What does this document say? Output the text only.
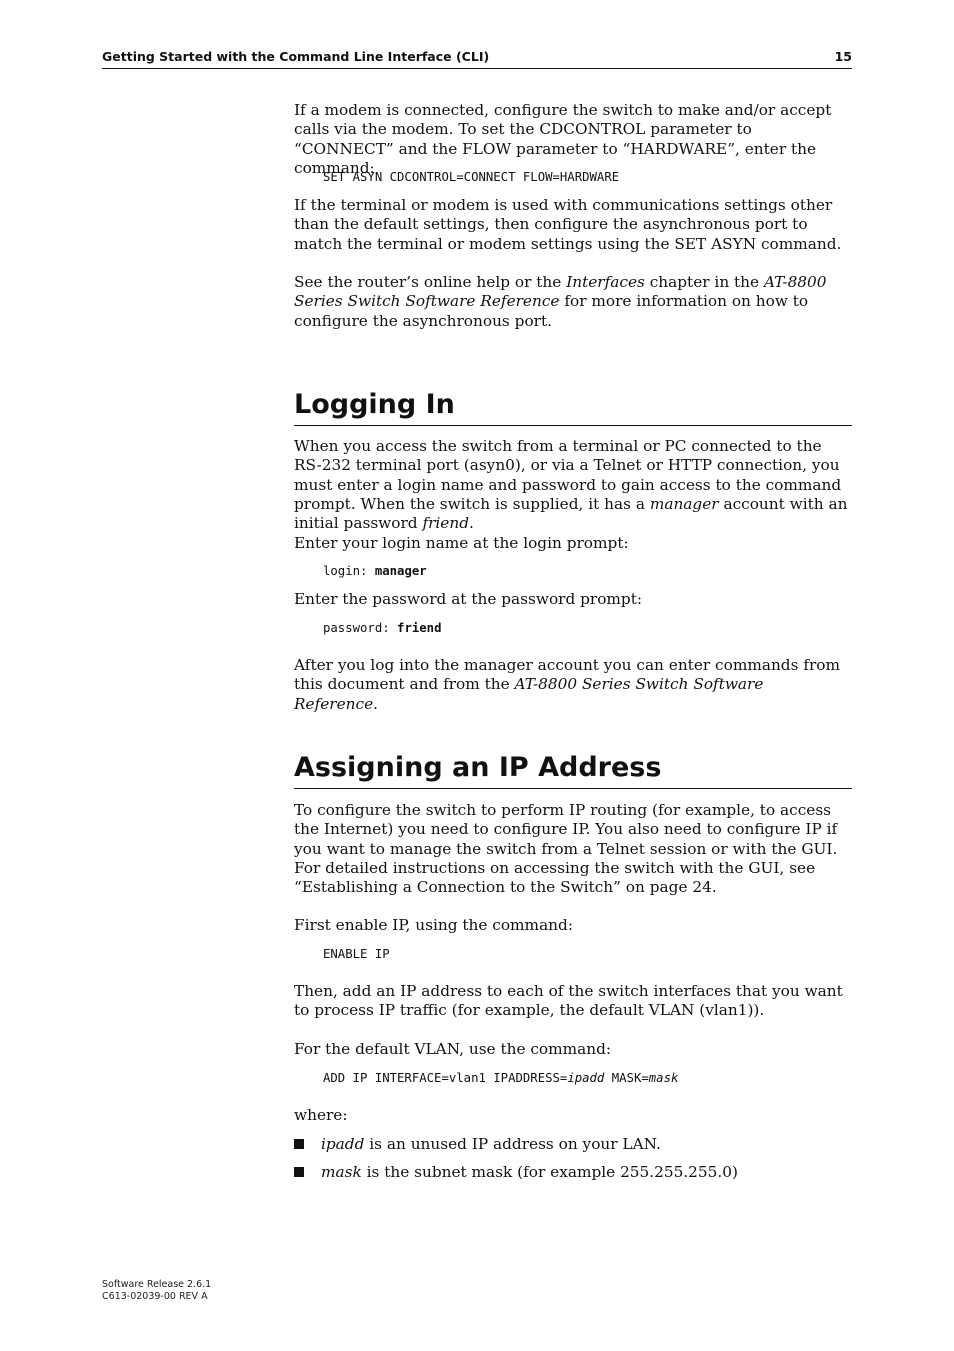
Getting Started with the Command Line Interface (CLI)	15

If a modem is connected, configure the switch to make and/or accept calls via the modem. To set the CDCONTROL parameter to “CONNECT” and the FLOW parameter to “HARDWARE”, enter the command:

SET ASYN CDCONTROL=CONNECT FLOW=HARDWARE

If the terminal or modem is used with communications settings other than the default settings, then configure the asynchronous port to match the terminal or modem settings using the SET ASYN command.

See the router’s online help or the Interfaces chapter in the AT-8800 Series Switch Software Reference for more information on how to configure the asynchronous port.

Logging In

When you access the switch from a terminal or PC connected to the RS-232 terminal port (asyn0), or via a Telnet or HTTP connection, you must enter a login name and password to gain access to the command prompt. When the switch is supplied, it has a manager account with an initial password friend.

Enter your login name at the login prompt:

login: manager

Enter the password at the password prompt:

password: friend

After you log into the manager account you can enter commands from this document and from the AT-8800 Series Switch Software Reference.

Assigning an IP Address

To configure the switch to perform IP routing (for example, to access the Internet) you need to configure IP. You also need to configure IP if you want to manage the switch from a Telnet session or with the GUI. For detailed instructions on accessing the switch with the GUI, see “Establishing a Connection to the Switch” on page 24.

First enable IP, using the command:

ENABLE IP

Then, add an IP address to each of the switch interfaces that you want to process IP traffic (for example, the default VLAN (vlan1)).

For the default VLAN, use the command:

ADD IP INTERFACE=vlan1 IPADDRESS=ipadd MASK=mask

where:

ipadd is an unused IP address on your LAN.
mask is the subnet mask (for example 255.255.255.0)
Software Release 2.6.1
C613-02039-00 REV A
